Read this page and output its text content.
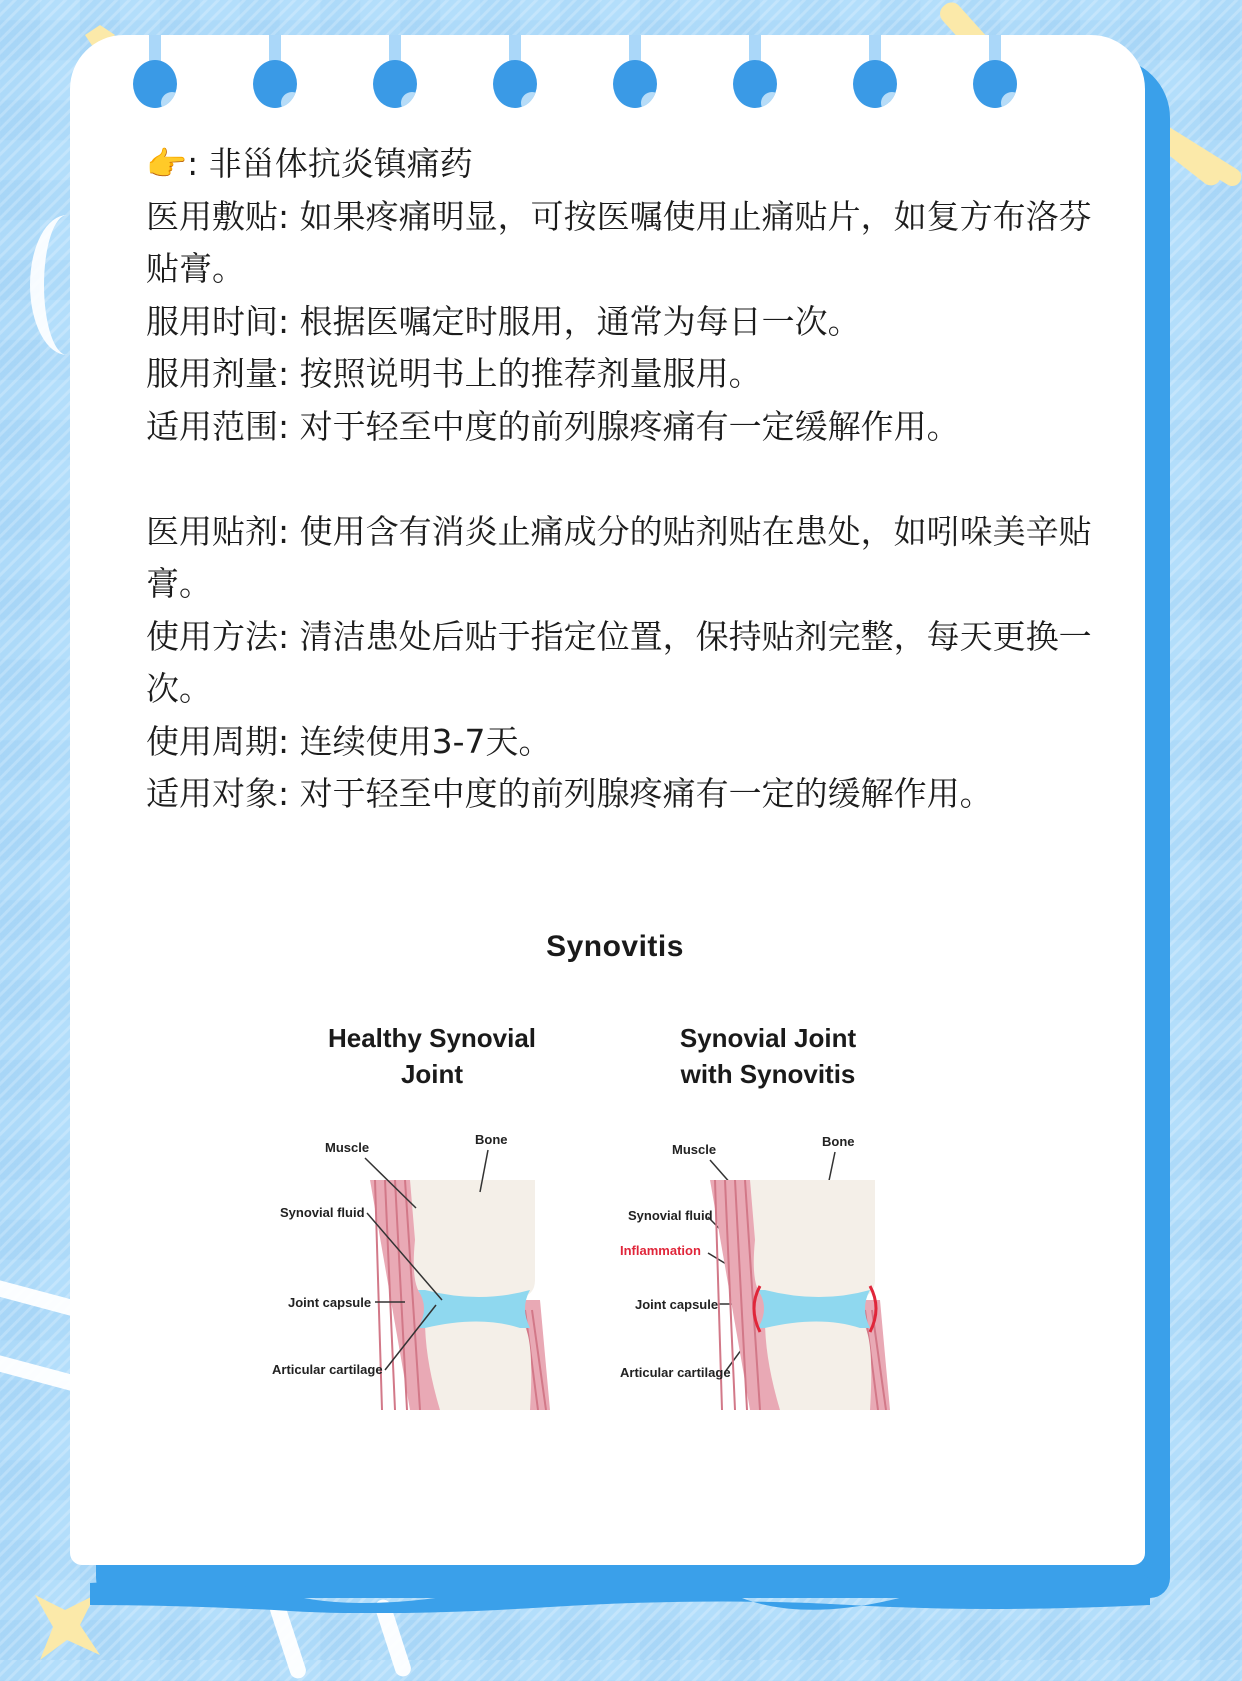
👉: 非甾体抗炎镇痛药

医用敷贴: 如果疼痛明显，可按医嘱使用止痛贴片，如复方布洛芬贴膏。

服用时间: 根据医嘱定时服用，通常为每日一次。

服用剂量: 按照说明书上的推荐剂量服用。

适用范围: 对于轻至中度的前列腺疼痛有一定缓解作用。

医用贴剂: 使用含有消炎止痛成分的贴剂贴在患处，如吲哚美辛贴膏。

使用方法: 清洁患处后贴于指定位置，保持贴剂完整，每天更换一次。

使用周期: 连续使用3-7天。

适用对象: 对于轻至中度的前列腺疼痛有一定的缓解作用。

Synovitis
Healthy Synovial
Joint
Synovial Joint
with Synovitis
Muscle
Bone
Synovial fluid
Joint capsule
Articular cartilage
Muscle
Bone
Synovial fluid
Inflammation
Joint capsule
Articular cartilage
